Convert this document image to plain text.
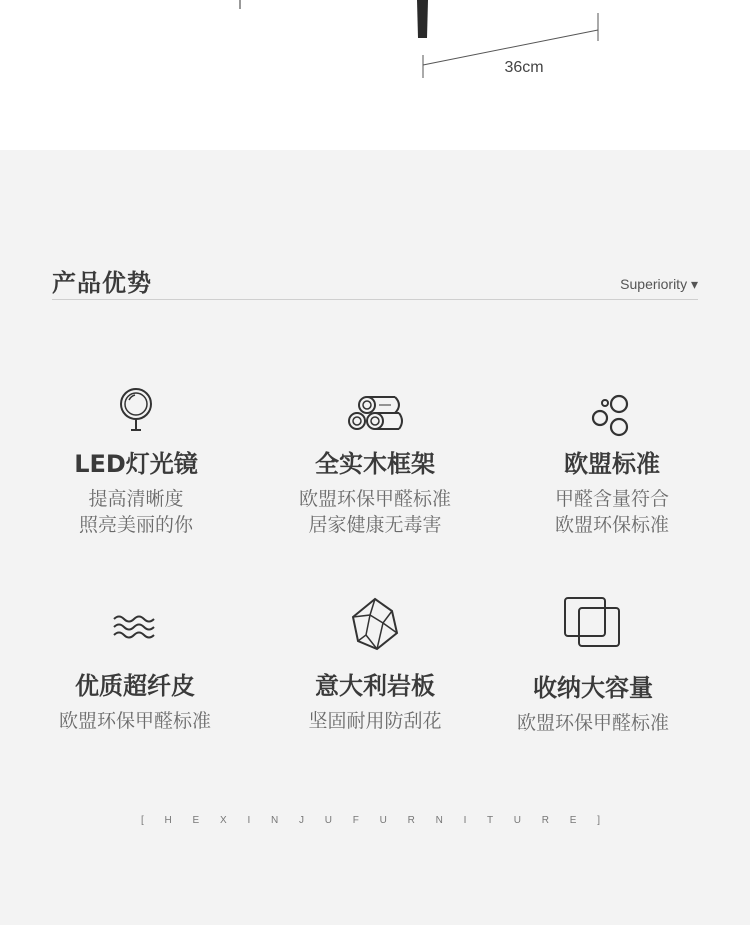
36cm
产品优势	Superiority ▾
LED灯光镜
提高清晰度
照亮美丽的你
全实木框架
欧盟环保甲醛标准
居家健康无毒害
欧盟标准
甲醛含量符合
欧盟环保标准
优质超纤皮
欧盟环保甲醛标准
意大利岩板
坚固耐用防刮花
收纳大容量
欧盟环保甲醛标准
[ H E X I N J U F U R N I T U R E ]
